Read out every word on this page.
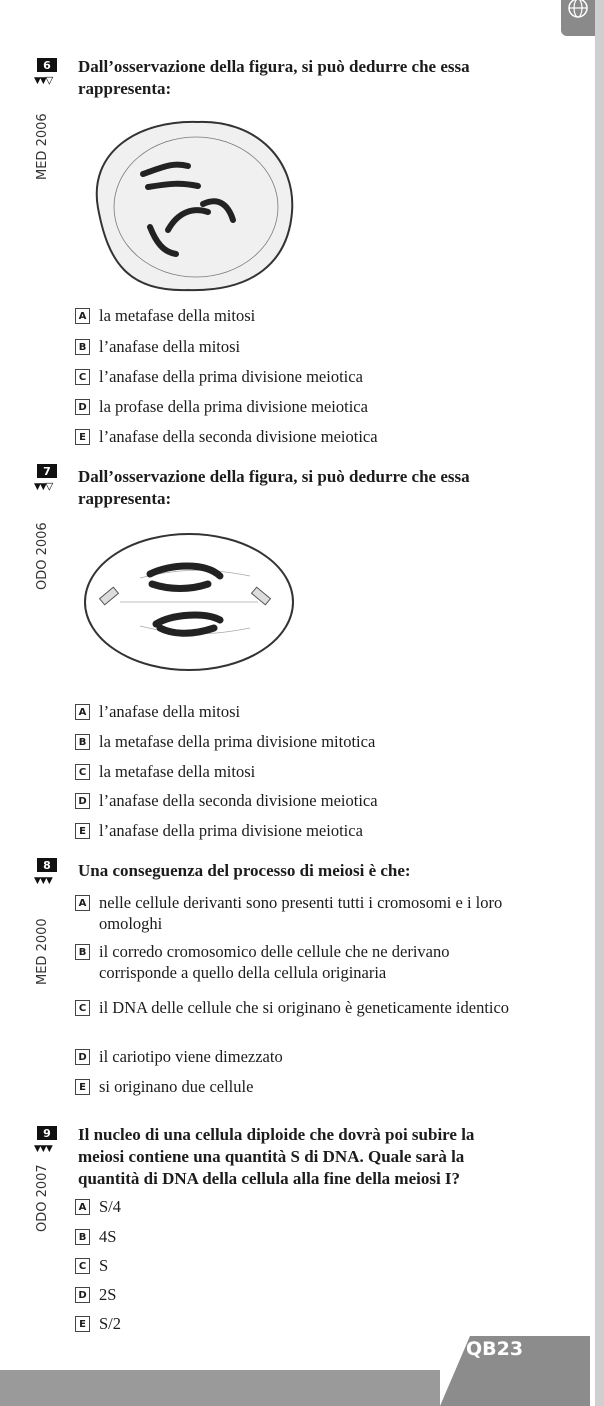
6
▼▼▼
MED 2006
Dall’osservazione della figura, si può dedurre che essa rappresenta:
A la metafase della mitosi
B l’anafase della mitosi
C l’anafase della prima divisione meiotica
D la profase della prima divisione meiotica
E l’anafase della seconda divisione meiotica
7
▼▼▼
ODO 2006
Dall’osservazione della figura, si può dedurre che essa rappresenta:
A l’anafase della mitosi
B la metafase della prima divisione mitotica
C la metafase della mitosi
D l’anafase della seconda divisione meiotica
E l’anafase della prima divisione meiotica
8
▼▼▼
MED 2000
Una conseguenza del processo di meiosi è che:
A nelle cellule derivanti sono presenti tutti i cromosomi e i loro omologhi
B il corredo cromosomico delle cellule che ne derivano corrisponde a quello della cellula originaria
C il DNA delle cellule che si originano è geneticamente identico
D il cariotipo viene dimezzato
E si originano due cellule
9
▼▼▼
ODO 2007
Il nucleo di una cellula diploide che dovrà poi subire la meiosi contiene una quantità S di DNA. Quale sarà la quantità di DNA della cellula alla fine della meiosi I?
A S/4
B 4S
C S
D 2S
E S/2
QB23
